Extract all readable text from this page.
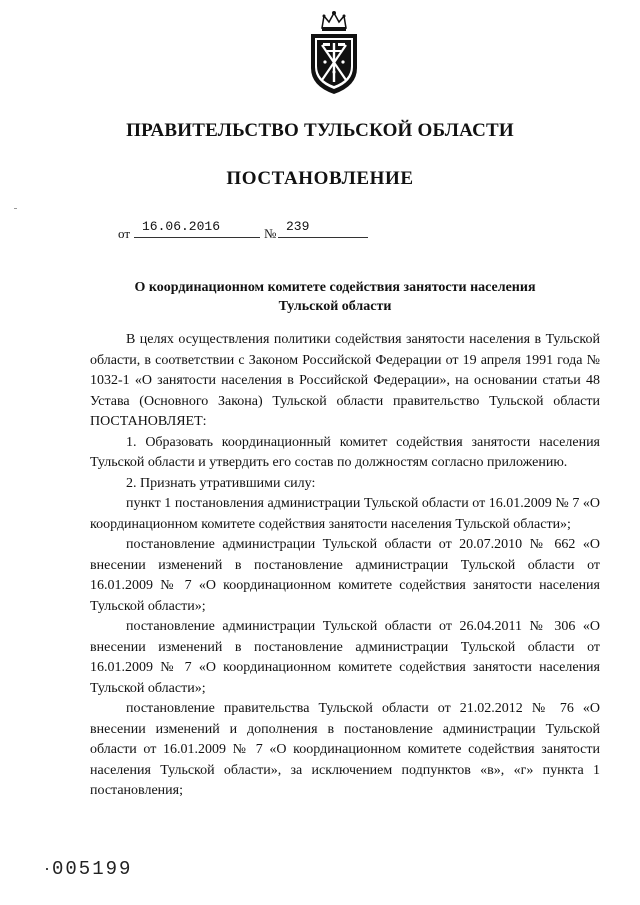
ПРАВИТЕЛЬСТВО ТУЛЬСКОЙ ОБЛАСТИ
ПОСТАНОВЛЕНИЕ
от 16.06.2016	№ 239
О координационном комитете содействия занятости населения
Тульской области

В целях осуществления политики содействия занятости населения в Тульской области, в соответствии с Законом Российской Федерации от 19 апреля 1991 года № 1032-1 «О занятости населения в Российской Федерации», на основании статьи 48 Устава (Основного Закона) Тульской области правительство Тульской области ПОСТАНОВЛЯЕТ:

1. Образовать координационный комитет содействия занятости населения Тульской области и утвердить его состав по должностям согласно приложению.

2. Признать утратившими силу:

пункт 1 постановления администрации Тульской области от 16.01.2009 № 7 «О координационном комитете содействия занятости населения Тульской области»;

постановление администрации Тульской области от 20.07.2010 № 662 «О внесении изменений в постановление администрации Тульской области от 16.01.2009 № 7 «О координационном комитете содействия занятости населения Тульской области»;

постановление администрации Тульской области от 26.04.2011 № 306 «О внесении изменений в постановление администрации Тульской области от 16.01.2009 № 7 «О координационном комитете содействия занятости населения Тульской области»;

постановление правительства Тульской области от 21.02.2012 № 76 «О внесении изменений и дополнения в постановление администрации Тульской области от 16.01.2009 № 7 «О координационном комитете содействия занятости населения Тульской области», за исключением подпунктов «в», «г» пункта 1 постановления;

005199
